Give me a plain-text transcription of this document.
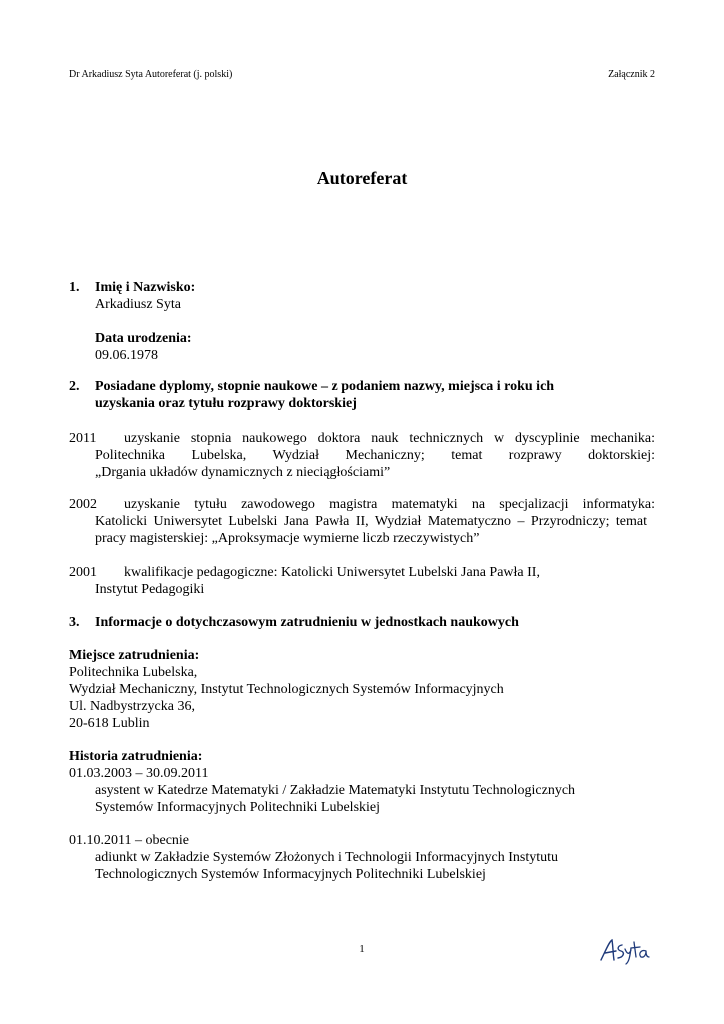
Dr Arkadiusz Syta Autoreferat (j. polski)	Załącznik 2
Autoreferat
1. Imię i Nazwisko:
Arkadiusz Syta
Data urodzenia:
09.06.1978
2. Posiadane dyplomy, stopnie naukowe – z podaniem nazwy, miejsca i roku ich
uzyskania oraz tytułu rozprawy doktorskiej
2011 uzyskanie stopnia naukowego doktora nauk technicznych w dyscyplinie mechanika:
Politechnika Lubelska, Wydział Mechaniczny; temat rozprawy doktorskiej:
„Drgania układów dynamicznych z nieciągłościami”
2002 uzyskanie tytułu zawodowego magistra matematyki na specjalizacji informatyka:
Katolicki Uniwersytet Lubelski Jana Pawła II, Wydział Matematyczno – Przyrodniczy; temat
pracy magisterskiej: „Aproksymacje wymierne liczb rzeczywistych”
2001 kwalifikacje pedagogiczne: Katolicki Uniwersytet Lubelski Jana Pawła II,
Instytut Pedagogiki
3. Informacje o dotychczasowym zatrudnieniu w jednostkach naukowych
Miejsce zatrudnienia:
Politechnika Lubelska,
Wydział Mechaniczny, Instytut Technologicznych Systemów Informacyjnych
Ul. Nadbystrzycka 36,
20-618 Lublin
Historia zatrudnienia:
01.03.2003 – 30.09.2011
asystent w Katedrze Matematyki / Zakładzie Matematyki Instytutu Technologicznych
Systemów Informacyjnych Politechniki Lubelskiej
01.10.2011 – obecnie
adiunkt w Zakładzie Systemów Złożonych i Technologii Informacyjnych Instytutu
Technologicznych Systemów Informacyjnych Politechniki Lubelskiej
1
